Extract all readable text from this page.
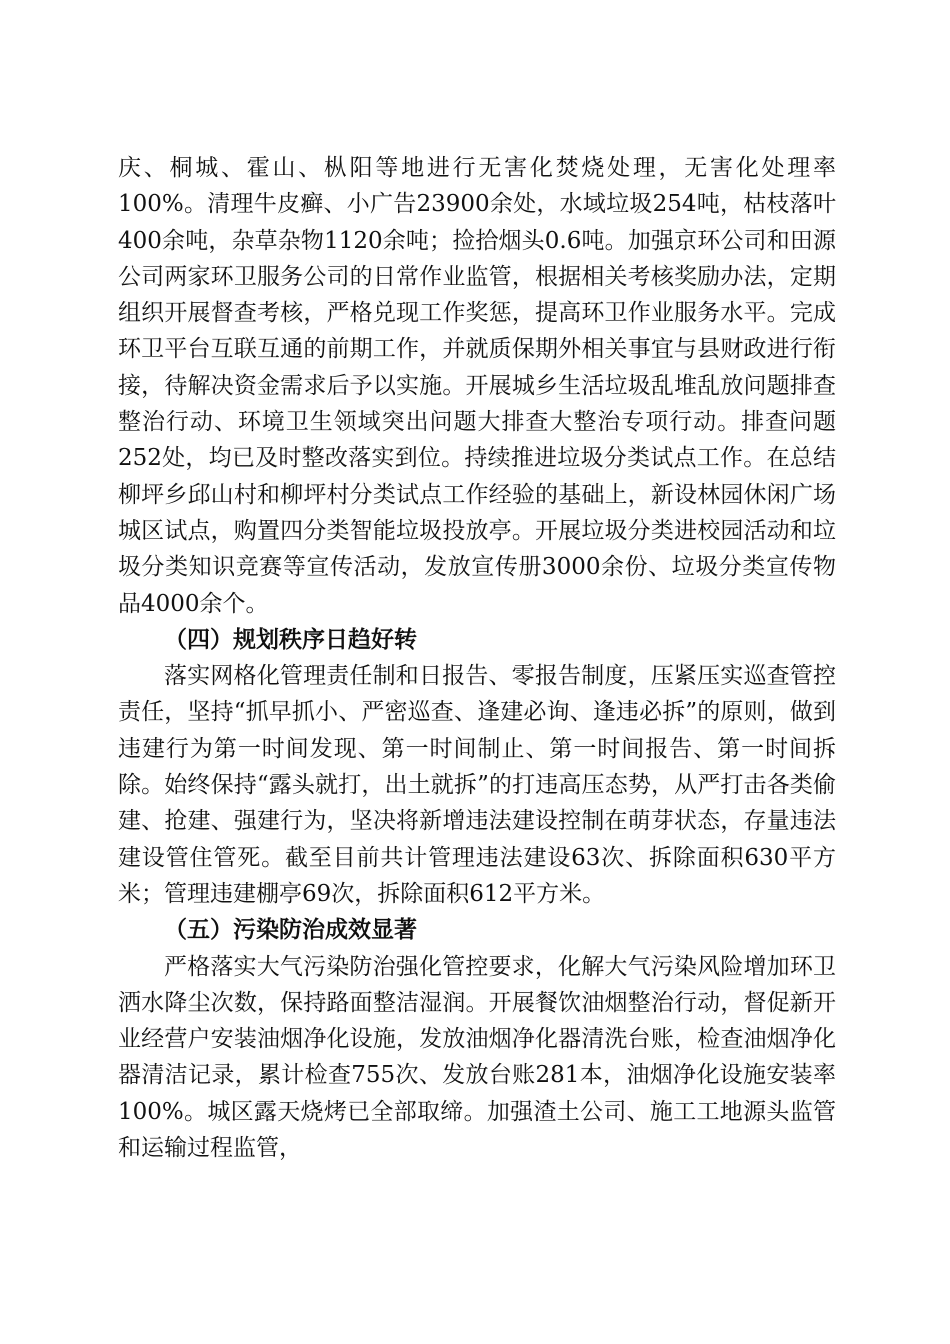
庆、桐城、霍山、枞阳等地进行无害化焚烧处理，无害化处理率100%。清理牛皮癣、小广告23900余处，水域垃圾254吨，枯枝落叶400余吨，杂草杂物1120余吨；捡拾烟头0.6吨。加强京环公司和田源公司两家环卫服务公司的日常作业监管，根据相关考核奖励办法，定期组织开展督查考核，严格兑现工作奖惩，提高环卫作业服务水平。完成环卫平台互联互通的前期工作，并就质保期外相关事宜与县财政进行衔接，待解决资金需求后予以实施。开展城乡生活垃圾乱堆乱放问题排查整治行动、环境卫生领域突出问题大排查大整治专项行动。排查问题252处，均已及时整改落实到位。持续推进垃圾分类试点工作。在总结柳坪乡邱山村和柳坪村分类试点工作经验的基础上，新设林园休闲广场城区试点，购置四分类智能垃圾投放亭。开展垃圾分类进校园活动和垃圾分类知识竞赛等宣传活动，发放宣传册3000余份、垃圾分类宣传物品4000余个。

（四）规划秩序日趋好转

落实网格化管理责任制和日报告、零报告制度，压紧压实巡查管控责任，坚持“抓早抓小、严密巡查、逢建必询、逢违必拆”的原则，做到违建行为第一时间发现、第一时间制止、第一时间报告、第一时间拆除。始终保持“露头就打，出土就拆”的打违高压态势，从严打击各类偷建、抢建、强建行为，坚决将新增违法建设控制在萌芽状态，存量违法建设管住管死。截至目前共计管理违法建设63次、拆除面积630平方米；管理违建棚亭69次，拆除面积612平方米。

（五）污染防治成效显著

严格落实大气污染防治强化管控要求，化解大气污染风险增加环卫洒水降尘次数，保持路面整洁湿润。开展餐饮油烟整治行动，督促新开业经营户安装油烟净化设施，发放油烟净化器清洗台账，检查油烟净化器清洁记录，累计检查755次、发放台账281本，油烟净化设施安装率100%。城区露天烧烤已全部取缔。加强渣土公司、施工工地源头监管和运输过程监管，
